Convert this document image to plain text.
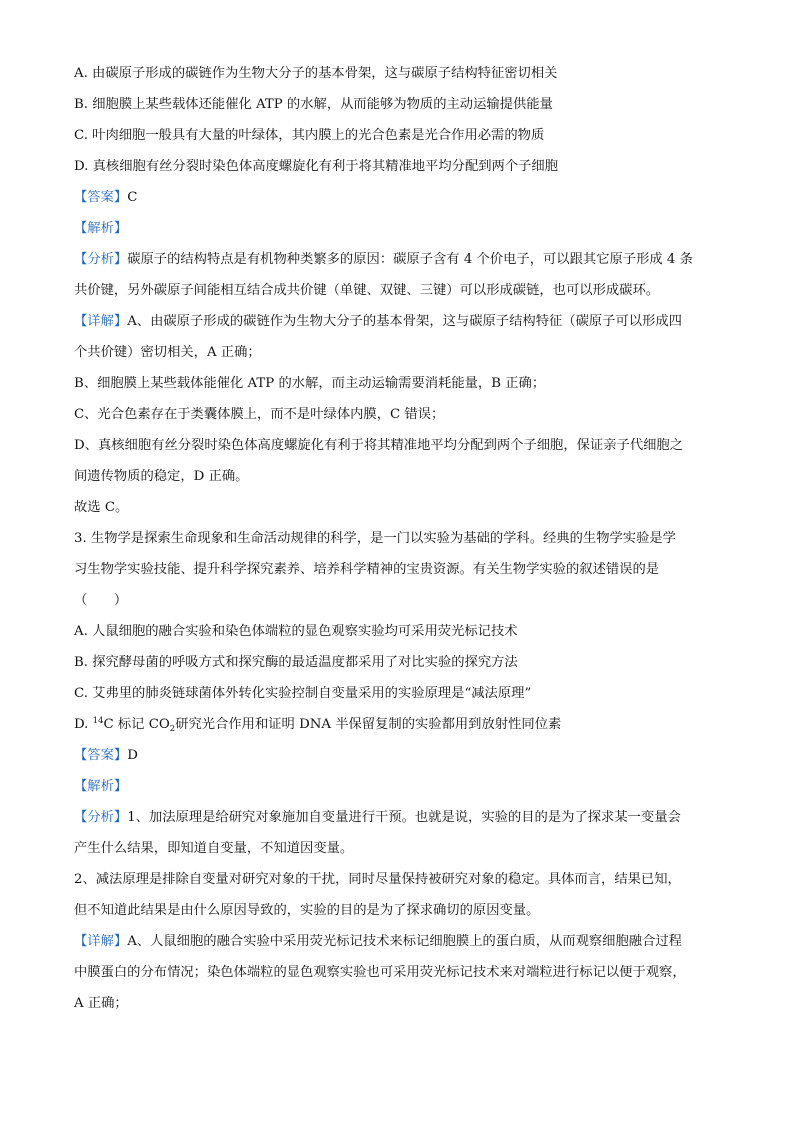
A. 由碳原子形成的碳链作为生物大分子的基本骨架，这与碳原子结构特征密切相关
B. 细胞膜上某些载体还能催化 ATP 的水解，从而能够为物质的主动运输提供能量
C. 叶肉细胞一般具有大量的叶绿体，其内膜上的光合色素是光合作用必需的物质
D. 真核细胞有丝分裂时染色体高度螺旋化有利于将其精准地平均分配到两个子细胞
【答案】C
【解析】
【分析】碳原子的结构特点是有机物种类繁多的原因：碳原子含有 4 个价电子，可以跟其它原子形成 4 条
共价键，另外碳原子间能相互结合成共价键（单键、双键、三键）可以形成碳链，也可以形成碳环。
【详解】A、由碳原子形成的碳链作为生物大分子的基本骨架，这与碳原子结构特征（碳原子可以形成四
个共价键）密切相关，A 正确；
B、细胞膜上某些载体能催化 ATP 的水解，而主动运输需要消耗能量，B 正确；
C、光合色素存在于类囊体膜上，而不是叶绿体内膜，C 错误；
D、真核细胞有丝分裂时染色体高度螺旋化有利于将其精准地平均分配到两个子细胞，保证亲子代细胞之
间遗传物质的稳定，D 正确。
故选 C。
3. 生物学是探索生命现象和生命活动规律的科学，是一门以实验为基础的学科。经典的生物学实验是学
习生物学实验技能、提升科学探究素养、培养科学精神的宝贵资源。有关生物学实验的叙述错误的是
（　　）
A. 人鼠细胞的融合实验和染色体端粒的显色观察实验均可采用荧光标记技术
B. 探究酵母菌的呼吸方式和探究酶的最适温度都采用了对比实验的探究方法
C. 艾弗里的肺炎链球菌体外转化实验控制自变量采用的实验原理是“减法原理”
D. $^{14}$C 标记 $CO_2$研究光合作用和证明 DNA 半保留复制的实验都用到放射性同位素
【答案】D
【解析】
【分析】1、加法原理是给研究对象施加自变量进行干预。也就是说，实验的目的是为了探求某一变量会
产生什么结果，即知道自变量，不知道因变量。
2、减法原理是排除自变量对研究对象的干扰，同时尽量保持被研究对象的稳定。具体而言，结果已知，
但不知道此结果是由什么原因导致的，实验的目的是为了探求确切的原因变量。
【详解】A、人鼠细胞的融合实验中采用荧光标记技术来标记细胞膜上的蛋白质，从而观察细胞融合过程
中膜蛋白的分布情况；染色体端粒的显色观察实验也可采用荧光标记技术来对端粒进行标记以便于观察，
A 正确；
